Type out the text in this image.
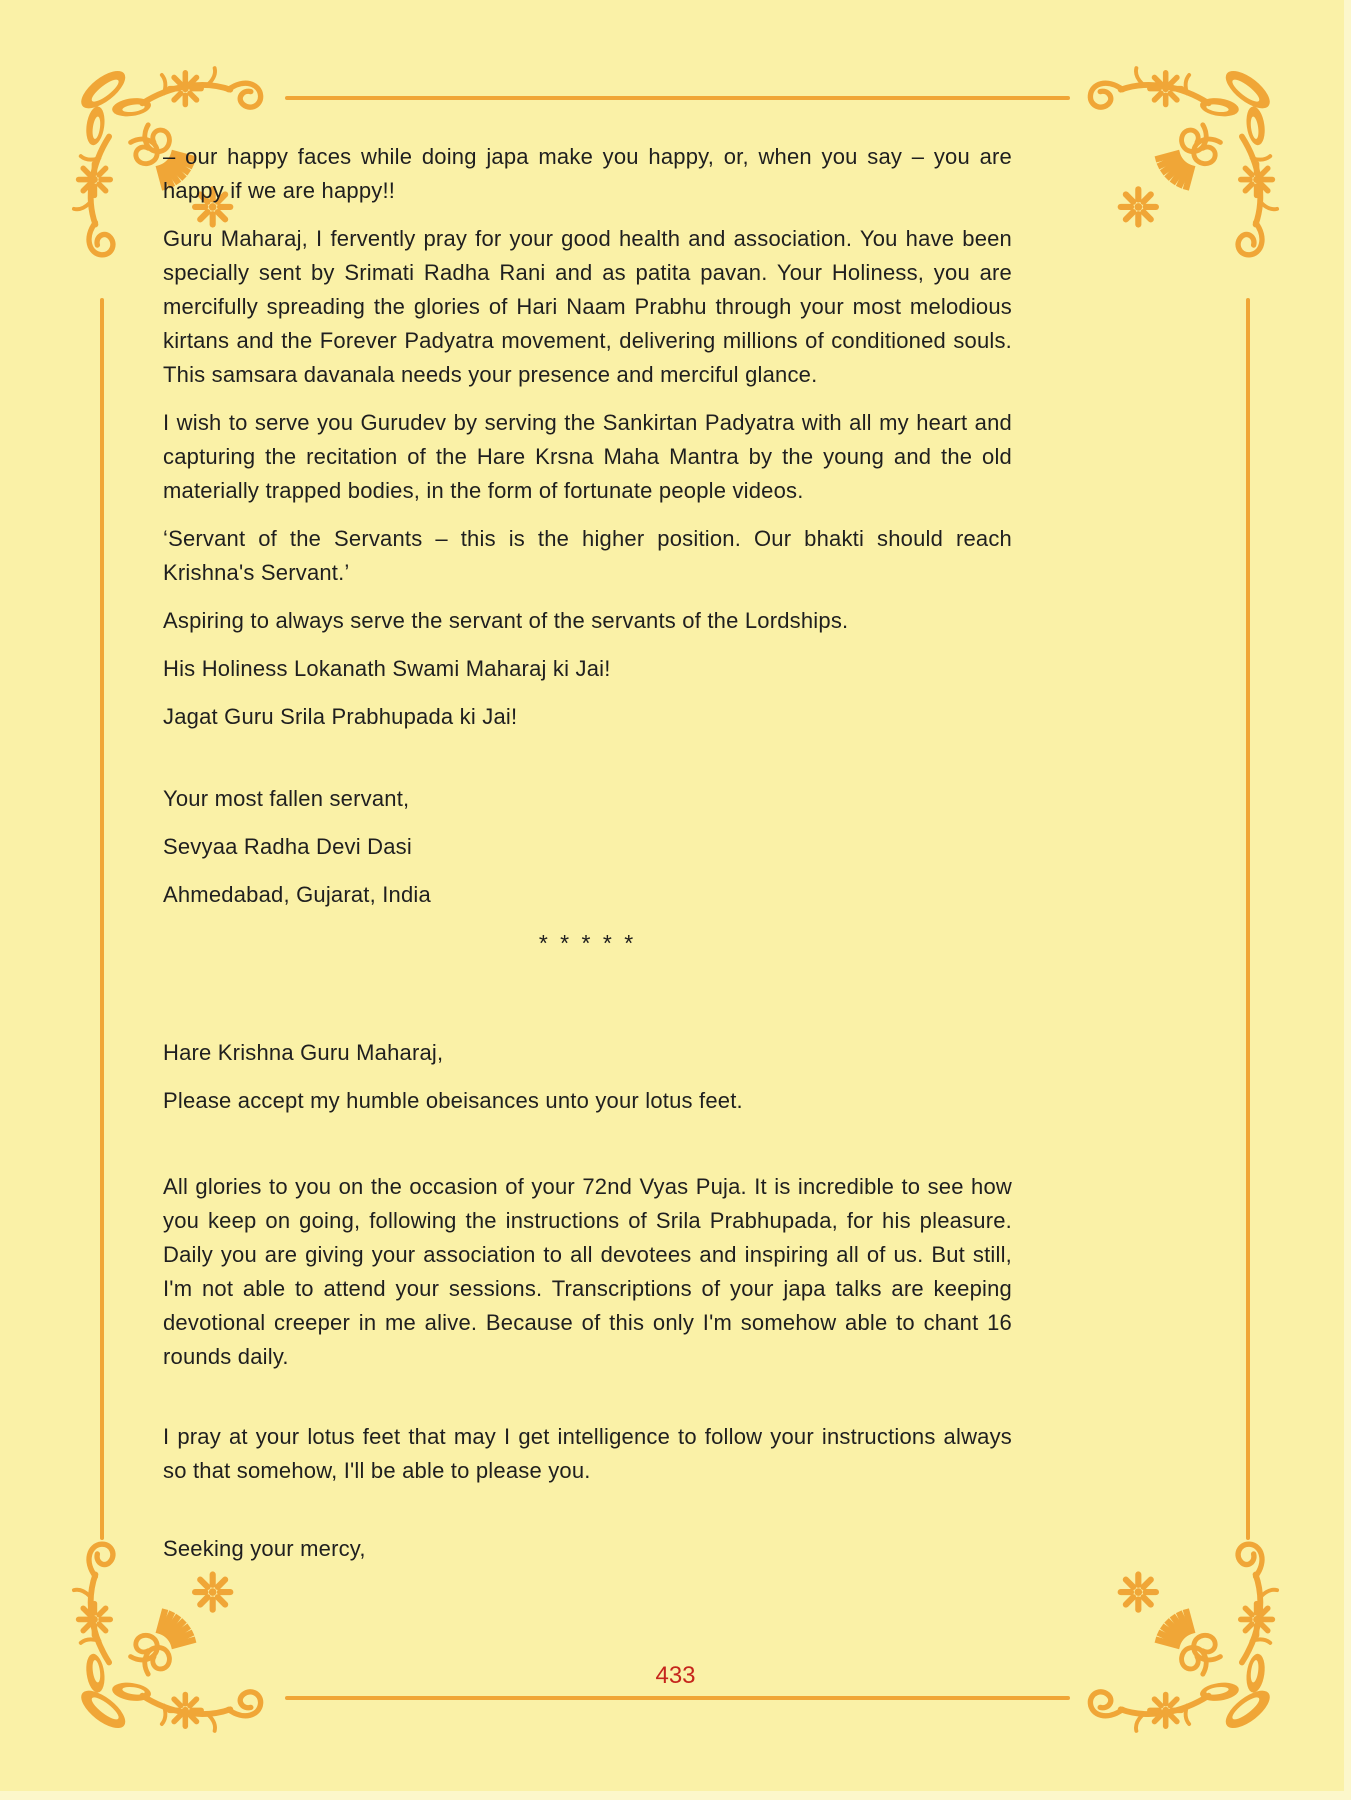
– our happy faces while doing japa make you happy, or, when you say – you are happy if we are happy!!

Guru Maharaj, I fervently pray for your good health and association. You have been specially sent by Srimati Radha Rani and as patita pavan. Your Holiness, you are mercifully spreading the glories of Hari Naam Prabhu through your most melodious kirtans and the Forever Padyatra movement, delivering millions of conditioned souls. This samsara davanala needs your presence and merciful glance.

I wish to serve you Gurudev by serving the Sankirtan Padyatra with all my heart and capturing the recitation of the Hare Krsna Maha Mantra by the young and the old materially trapped bodies, in the form of fortunate people videos.

‘Servant of the Servants – this is the higher position. Our bhakti should reach Krishna's Servant.’

Aspiring to always serve the servant of the servants of the Lordships.

His Holiness Lokanath Swami Maharaj ki Jai!

Jagat Guru Srila Prabhupada ki Jai!

Your most fallen servant,

Sevyaa Radha Devi Dasi

Ahmedabad, Gujarat, India

* * * * *

Hare Krishna Guru Maharaj,

Please accept my humble obeisances unto your lotus feet.

All glories to you on the occasion of your 72nd Vyas Puja. It is incredible to see how you keep on going, following the instructions of Srila Prabhupada, for his pleasure. Daily you are giving your association to all devotees and inspiring all of us. But still, I'm not able to attend your sessions. Transcriptions of your japa talks are keeping devotional creeper in me alive. Because of this only I'm somehow able to chant 16 rounds daily.

I pray at your lotus feet that may I get intelligence to follow your instructions always so that somehow, I'll be able to please you.

Seeking your mercy,

433
